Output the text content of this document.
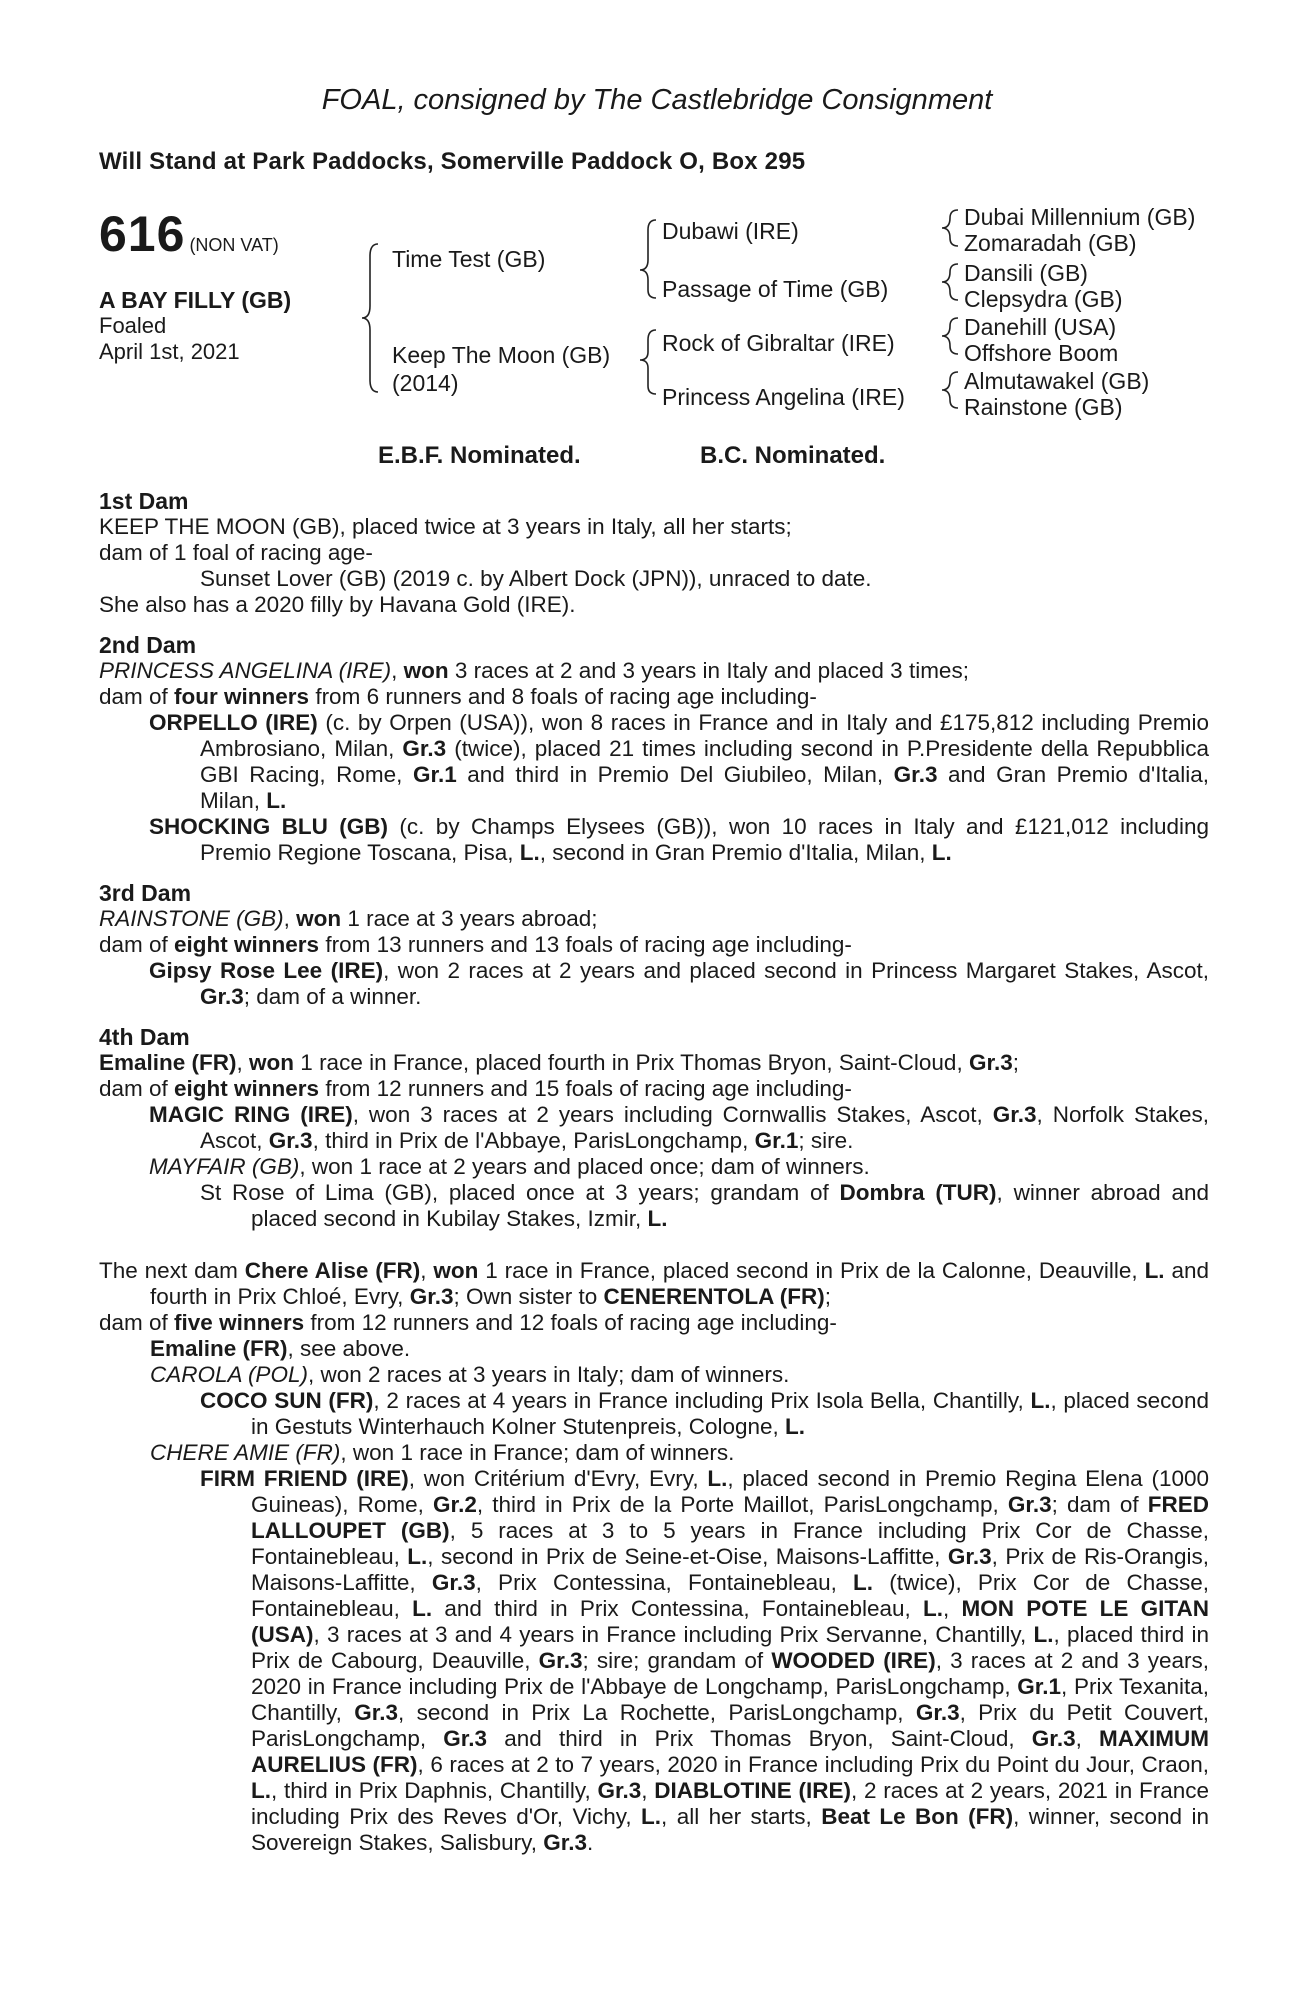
FOAL, consigned by The Castlebridge Consignment
Will Stand at Park Paddocks, Somerville Paddock O, Box 295
616 (NON VAT)
A BAY FILLY (GB)
Foaled
April 1st, 2021
Time Test (GB)
Keep The Moon (GB)
(2014)
Dubawi (IRE)
Passage of Time (GB)
Rock of Gibraltar (IRE)
Princess Angelina (IRE)
Dubai Millennium (GB)
Zomaradah (GB)
Dansili (GB)
Clepsydra (GB)
Danehill (USA)
Offshore Boom
Almutawakel (GB)
Rainstone (GB)
E.B.F. Nominated.	B.C. Nominated.
1st Dam

KEEP THE MOON (GB), placed twice at 3 years in Italy, all her starts;

dam of 1 foal of racing age-

Sunset Lover (GB) (2019 c. by Albert Dock (JPN)), unraced to date.

She also has a 2020 filly by Havana Gold (IRE).

2nd Dam

PRINCESS ANGELINA (IRE), won 3 races at 2 and 3 years in Italy and placed 3 times;

dam of four winners from 6 runners and 8 foals of racing age including-

ORPELLO (IRE) (c. by Orpen (USA)), won 8 races in France and in Italy and £175,812 including Premio Ambrosiano, Milan, Gr.3 (twice), placed 21 times including second in P.Presidente della Repubblica GBI Racing, Rome, Gr.1 and third in Premio Del Giubileo, Milan, Gr.3 and Gran Premio d'Italia, Milan, L.

SHOCKING BLU (GB) (c. by Champs Elysees (GB)), won 10 races in Italy and £121,012 including Premio Regione Toscana, Pisa, L., second in Gran Premio d'Italia, Milan, L.

3rd Dam

RAINSTONE (GB), won 1 race at 3 years abroad;

dam of eight winners from 13 runners and 13 foals of racing age including-

Gipsy Rose Lee (IRE), won 2 races at 2 years and placed second in Princess Margaret Stakes, Ascot, Gr.3; dam of a winner.

4th Dam

Emaline (FR), won 1 race in France, placed fourth in Prix Thomas Bryon, Saint-Cloud, Gr.3;

dam of eight winners from 12 runners and 15 foals of racing age including-

MAGIC RING (IRE), won 3 races at 2 years including Cornwallis Stakes, Ascot, Gr.3, Norfolk Stakes, Ascot, Gr.3, third in Prix de l'Abbaye, ParisLongchamp, Gr.1; sire.

MAYFAIR (GB), won 1 race at 2 years and placed once; dam of winners.

St Rose of Lima (GB), placed once at 3 years; grandam of Dombra (TUR), winner abroad and placed second in Kubilay Stakes, Izmir, L.

The next dam Chere Alise (FR), won 1 race in France, placed second in Prix de la Calonne, Deauville, L. and fourth in Prix Chloé, Evry, Gr.3; Own sister to CENERENTOLA (FR);

dam of five winners from 12 runners and 12 foals of racing age including-

Emaline (FR), see above.

CAROLA (POL), won 2 races at 3 years in Italy; dam of winners.

COCO SUN (FR), 2 races at 4 years in France including Prix Isola Bella, Chantilly, L., placed second in Gestuts Winterhauch Kolner Stutenpreis, Cologne, L.

CHERE AMIE (FR), won 1 race in France; dam of winners.

FIRM FRIEND (IRE), won Critérium d'Evry, Evry, L., placed second in Premio Regina Elena (1000 Guineas), Rome, Gr.2, third in Prix de la Porte Maillot, ParisLongchamp, Gr.3; dam of FRED LALLOUPET (GB), 5 races at 3 to 5 years in France including Prix Cor de Chasse, Fontainebleau, L., second in Prix de Seine-et-Oise, Maisons-Laffitte, Gr.3, Prix de Ris-Orangis, Maisons-Laffitte, Gr.3, Prix Contessina, Fontainebleau, L. (twice), Prix Cor de Chasse, Fontainebleau, L. and third in Prix Contessina, Fontainebleau, L., MON POTE LE GITAN (USA), 3 races at 3 and 4 years in France including Prix Servanne, Chantilly, L., placed third in Prix de Cabourg, Deauville, Gr.3; sire; grandam of WOODED (IRE), 3 races at 2 and 3 years, 2020 in France including Prix de l'Abbaye de Longchamp, ParisLongchamp, Gr.1, Prix Texanita, Chantilly, Gr.3, second in Prix La Rochette, ParisLongchamp, Gr.3, Prix du Petit Couvert, ParisLongchamp, Gr.3 and third in Prix Thomas Bryon, Saint-Cloud, Gr.3, MAXIMUM AURELIUS (FR), 6 races at 2 to 7 years, 2020 in France including Prix du Point du Jour, Craon, L., third in Prix Daphnis, Chantilly, Gr.3, DIABLOTINE (IRE), 2 races at 2 years, 2021 in France including Prix des Reves d'Or, Vichy, L., all her starts, Beat Le Bon (FR), winner, second in Sovereign Stakes, Salisbury, Gr.3.
